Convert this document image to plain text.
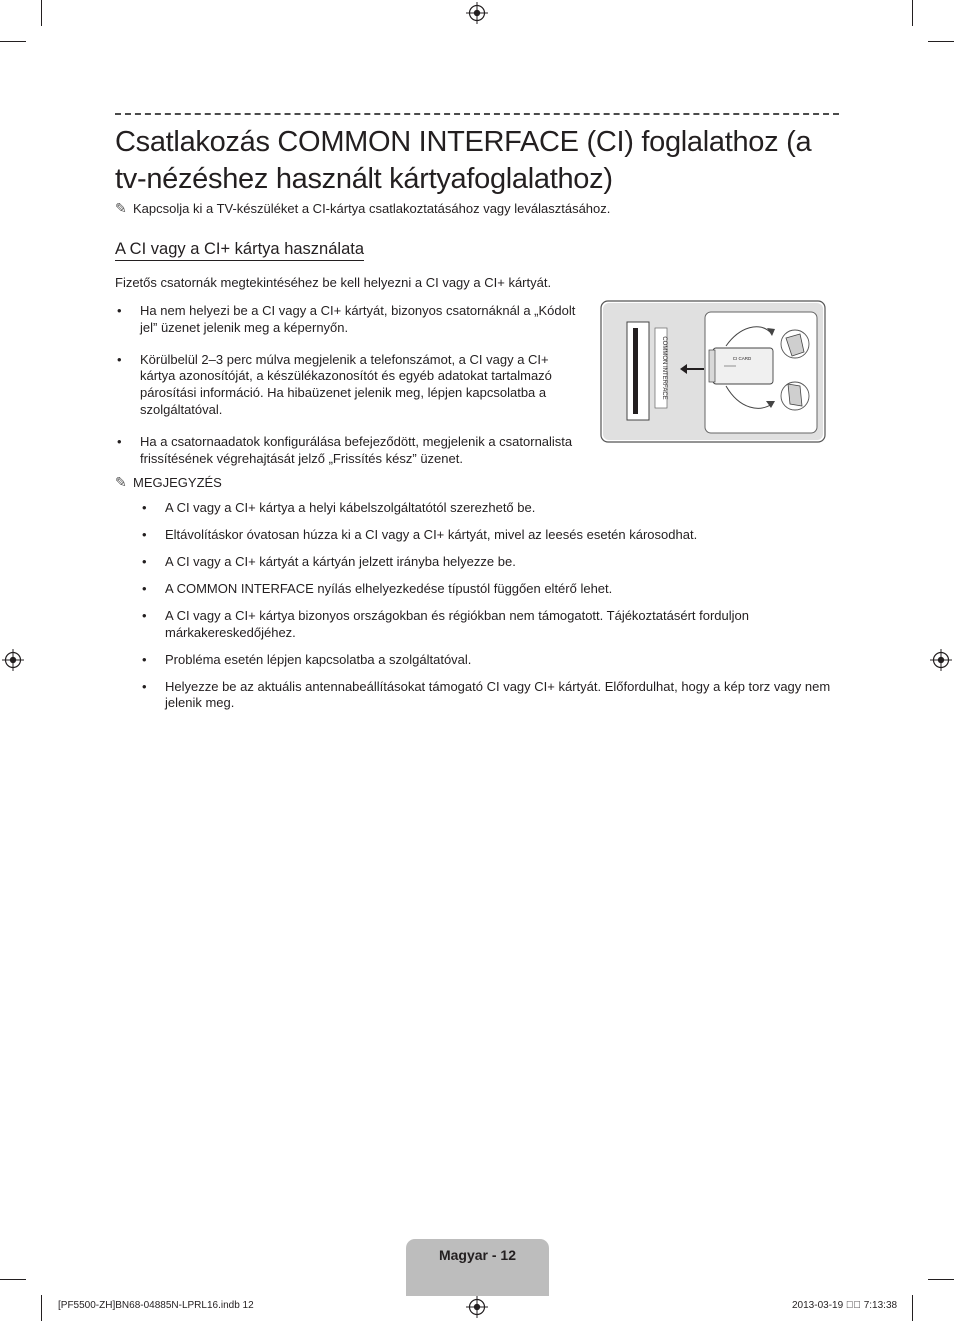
Csatlakozás COMMON INTERFACE (CI) foglalathoz (a tv-nézéshez használt kártyafoglalathoz)
✎ Kapcsolja ki a TV-készüléket a CI-kártya csatlakoztatásához vagy leválasztásához.
A CI vagy a CI+ kártya használata

Fizetős csatornák megtekintéséhez be kell helyezni a CI vagy a CI+ kártyát.

• Ha nem helyezi be a CI vagy a CI+ kártyát, bizonyos csatornáknál a „Kódolt jel” üzenet jelenik meg a képernyőn.
• Körülbelül 2–3 perc múlva megjelenik a telefonszámot, a CI vagy a CI+ kártya azonosítóját, a készülékazonosítót és egyéb adatokat tartalmazó párosítási információ. Ha hibaüzenet jelenik meg, lépjen kapcsolatba a szolgáltatóval.
• Ha a csatornaadatok konfigurálása befejeződött, megjelenik a csatornalista frissítésének végrehajtását jelző „Frissítés kész” üzenet.
✎ MEGJEGYZÉS
• A CI vagy a CI+ kártya a helyi kábelszolgáltatótól szerezhető be.
• Eltávolításkor óvatosan húzza ki a CI vagy a CI+ kártyát, mivel az leesés esetén károsodhat.
• A CI vagy a CI+ kártyát a kártyán jelzett irányba helyezze be.
• A COMMON INTERFACE nyílás elhelyezkedése típustól függően eltérő lehet.
• A CI vagy a CI+ kártya bizonyos országokban és régiókban nem támogatott. Tájékoztatásért forduljon márkakereskedőjéhez.
• Probléma esetén lépjen kapcsolatba a szolgáltatóval.
• Helyezze be az aktuális antennabeállításokat támogató CI vagy CI+ kártyát. Előfordulhat, hogy a kép torz vagy nem jelenik meg.
COMMON INTERFACE	CI CARD
Magyar - 12
[PF5500-ZH]BN68-04885N-LPRL16.indb 12	2013-03-19 ￿￿ 7:13:38
